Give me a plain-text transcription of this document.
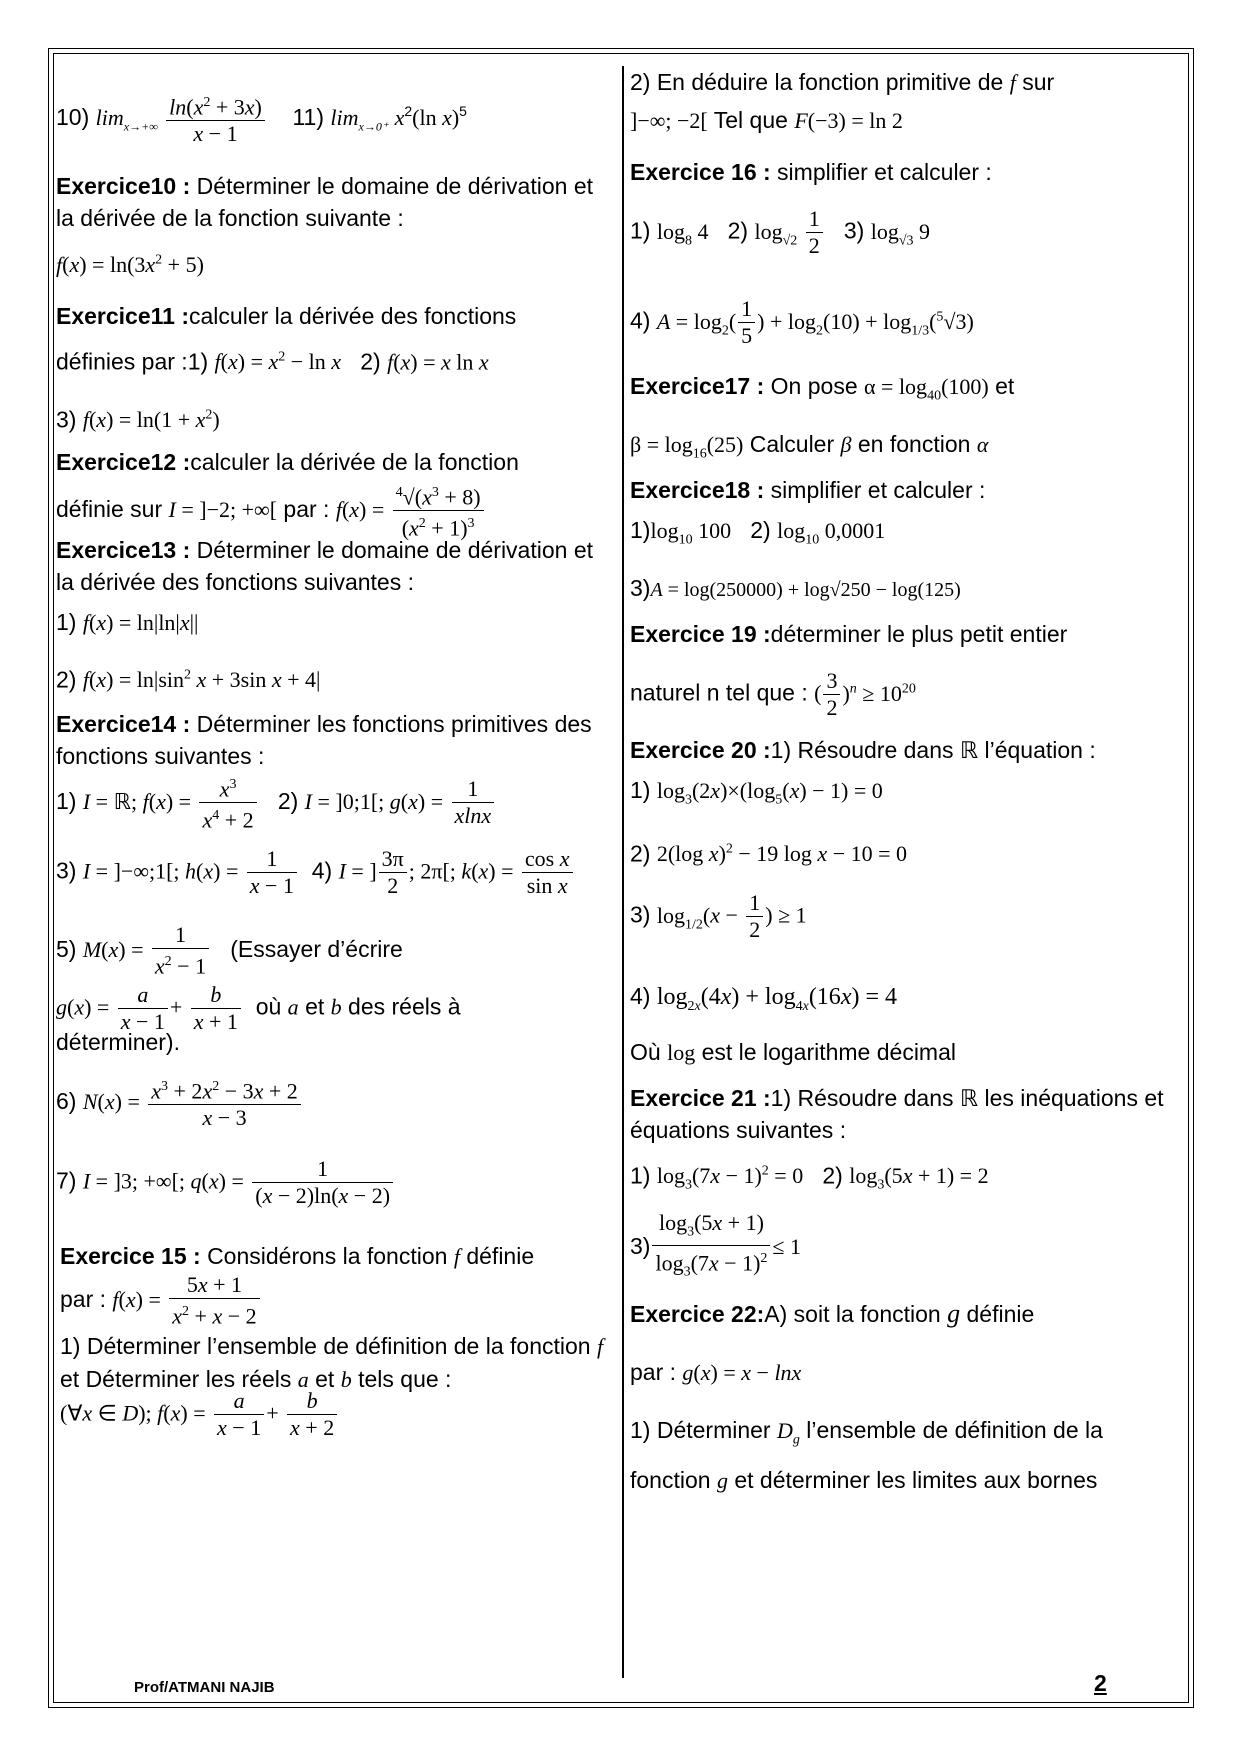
10) $\lim_{x\to+\infty} \frac{\ln(x^2 + 3x)}{x - 1} 11$) $\lim_{x\to 0^+} x^2(\ln$ x)$^5$
Exercice10 : Déterminer le domaine de dérivation et la dérivée de la fonction suivante :
$f(x) = \ln(3x^2 + 5)$
Exercice11 :calculer la dérivée des fonctions
définies par :1) $f(x) = x^2 - \ln x$ 2) f(x) = x ln x
3) $f(x) = \ln(1 + x^2)$
Exercice12 :calculer la dérivée de la fonction
définie sur I = ]−2; +∞[ par : $f(x) = \frac{^4√(x^3 + 8)}{(x^2 + 1)^3}$
Exercice13 : Déterminer le domaine de dérivation et la dérivée des fonctions suivantes :
1) f(x) = ln|ln|x||
2) $f(x) = \ln|\sin^2$ x + 3sin x + 4|
Exercice14 : Déterminer les fonctions primitives des fonctions suivantes :
1) I = ℝ; $f(x) = \frac{x^3}{x^4 + 2} 2$) I = ]0;1[; $g(x) = \frac{1}{xlnx}$
3) I = ]−∞;1[; $h(x) = \frac{1}{x - 1} 4$) I = ] $\frac{3\pi}{2}$ ; 2π[; $k(x) = \frac{\text{cos x}}{\text{sin x}}$
5) $M(x) = \frac{1}{x^2 - 1}$ (Essayer d’écrire
$g(x) = \frac{a}{x - 1} + \frac{b}{x + 1}$ où a et b des réels à
déterminer).
6) $N(x) = \frac{x^3 + 2x^2 - 3x + 2}{x - 3}$
7) I = ]3; +∞[; $q(x) = \frac{1}{(x - 2)\ln(x - 2)}$
Exercice 15 : Considérons la fonction f définie
par : $f(x) = \frac{5x + 1}{x^2 + x - 2}$
1) Déterminer l’ensemble de définition de la fonction f et Déterminer les réels a et b tels que :
(∀x ∈ D); $f(x) = \frac{a}{x - 1} + \frac{b}{x + 2}$
2) En déduire la fonction primitive de f sur
]−∞; −2[ Tel que F(−3) = ln 2
Exercice 16 : simplifier et calculer :
1) $\log_8 4$ 2) $\log_{√2} \frac{1}{2} 3$) $\log_{√3} 9$
4) $A = \log_2( \frac{1}{5}$ ) + $\log_2(10) + \log_{1/3}(^5√3)$
Exercice17 : On pose $\alpha = \log_{40}(100)$ et
$\beta = \log_{16}(25)$ Calculer β en fonction α
Exercice18 : simplifier et calculer :
$1)\log_{10}$ 100 2) $\log_{10} 0,0001$
3)A = log(250000) + log√250 − log(125)
Exercice 19 :déterminer le plus petit entier
naturel n tel que : ( $\frac{3}{2} )^n \ge 10^{20}$
Exercice 20 :1) Résoudre dans ℝ l’équation :
1) $\log_3(2x)\times(\log_5(x) - 1) = 0$
2) 2(log x)$^2$ − 19 log x − 10 = 0
3) $\log_{1/2}(x - \frac{1}{2}$ ) ≥ 1
4) $\log_{2x}(4x) + \log_{4x}(16x) = 4$
Où log est le logarithme décimal
Exercice 21 :1) Résoudre dans ℝ les inéquations et équations suivantes :
1) $\log_3(7x - 1)^2 = 0$ 2) $\log_3(5x + 1) = 2$
$3) \frac{\log_3(5x + 1)}{\log_3(7x - 1)^2} \le 1$
Exercice 22:A) soit la fonction g définie
par : g(x) = x − lnx
1) Déterminer $D_g$ l’ensemble de définition de la
fonction g et déterminer les limites aux bornes
Prof/ATMANI NAJIB	2
